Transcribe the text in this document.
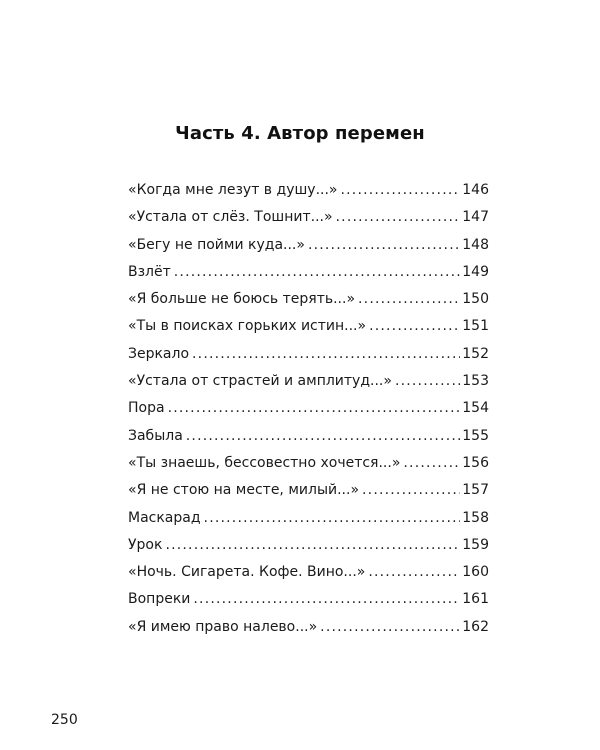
Часть 4. Автор перемен
«Когда мне лезут в душу...» .....	146
«Устала от слёз. Тошнит...» .....	147
«Бегу не пойми куда...» .....	148
Взлёт .....	149
«Я больше не боюсь терять...» .....	150
«Ты в поисках горьких истин...» .....	151
Зеркало .....	152
«Устала от страстей и амплитуд...» .....	153
Пора .....	154
Забыла .....	155
«Ты знаешь, бессовестно хочется...» .....	156
«Я не стою на месте, милый...» .....	157
Маскарад .....	158
Урок .....	159
«Ночь. Сигарета. Кофе. Вино...» .....	160
Вопреки .....	161
«Я имею право налево...» .....	162
250
